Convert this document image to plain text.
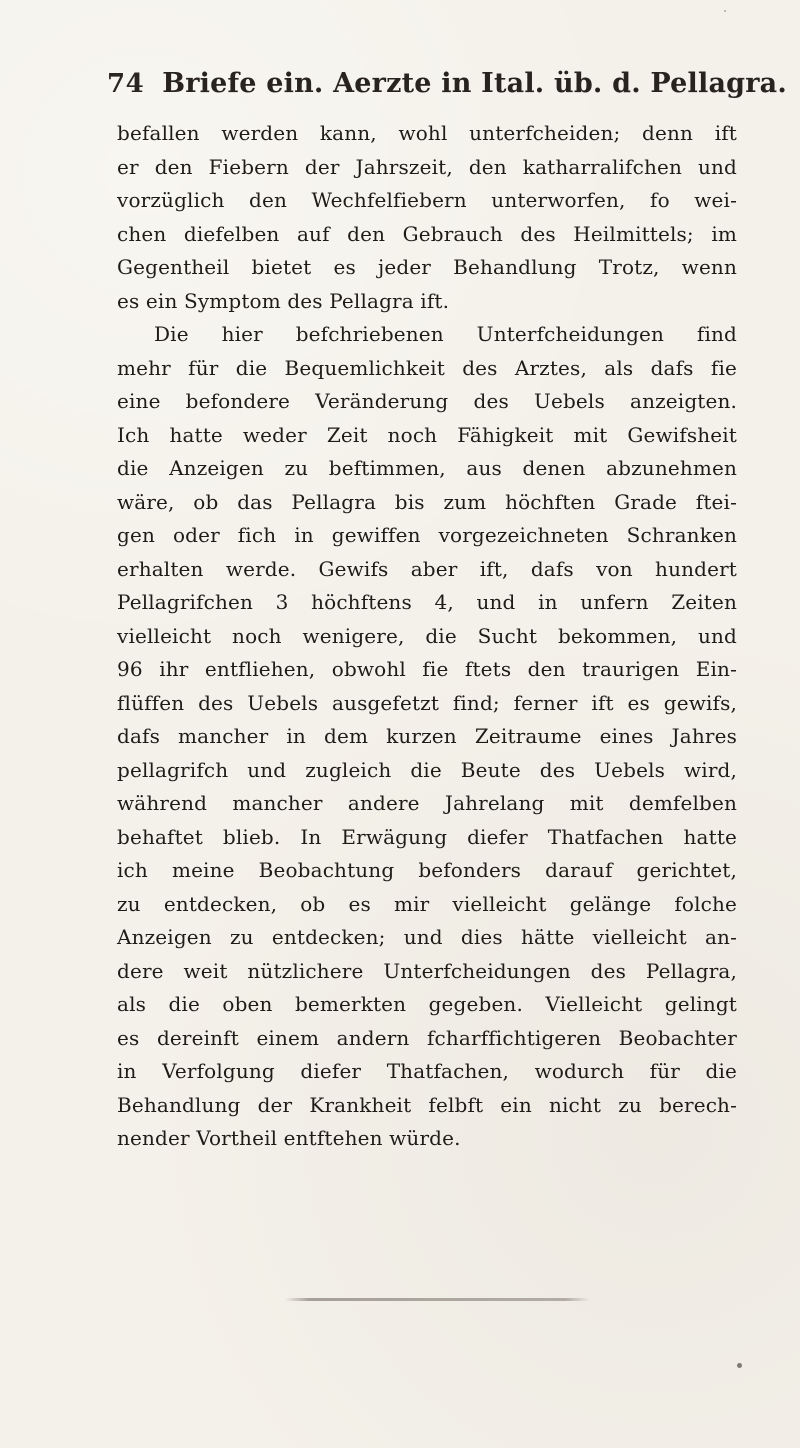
74 Briefe ein. Aerzte in Ital. üb. d. Pellagra.
befallen werden kann, wohl unterfcheiden; denn ift
er den Fiebern der Jahrszeit, den katharralifchen und
vorzüglich den Wechfelfiebern unterworfen, fo wei-
chen diefelben auf den Gebrauch des Heilmittels; im
Gegentheil bietet es jeder Behandlung Trotz, wenn
es ein Symptom des Pellagra ift.
Die hier befchriebenen Unterfcheidungen find
mehr für die Bequemlichkeit des Arztes, als dafs fie
eine befondere Veränderung des Uebels anzeigten.
Ich hatte weder Zeit noch Fähigkeit mit Gewifsheit
die Anzeigen zu beftimmen, aus denen abzunehmen
wäre, ob das Pellagra bis zum höchften Grade ftei-
gen oder fich in gewiffen vorgezeichneten Schranken
erhalten werde. Gewifs aber ift, dafs von hundert
Pellagrifchen 3 höchftens 4, und in unfern Zeiten
vielleicht noch wenigere, die Sucht bekommen, und
96 ihr entfliehen, obwohl fie ftets den traurigen Ein-
flüffen des Uebels ausgefetzt find; ferner ift es gewifs,
dafs mancher in dem kurzen Zeitraume eines Jahres
pellagrifch und zugleich die Beute des Uebels wird,
während mancher andere Jahrelang mit demfelben
behaftet blieb. In Erwägung diefer Thatfachen hatte
ich meine Beobachtung befonders darauf gerichtet,
zu entdecken, ob es mir vielleicht gelänge folche
Anzeigen zu entdecken; und dies hätte vielleicht an-
dere weit nützlichere Unterfcheidungen des Pellagra,
als die oben bemerkten gegeben. Vielleicht gelingt
es dereinft einem andern fcharffichtigeren Beobachter
in Verfolgung diefer Thatfachen, wodurch für die
Behandlung der Krankheit felbft ein nicht zu berech-
nender Vortheil entftehen würde.
